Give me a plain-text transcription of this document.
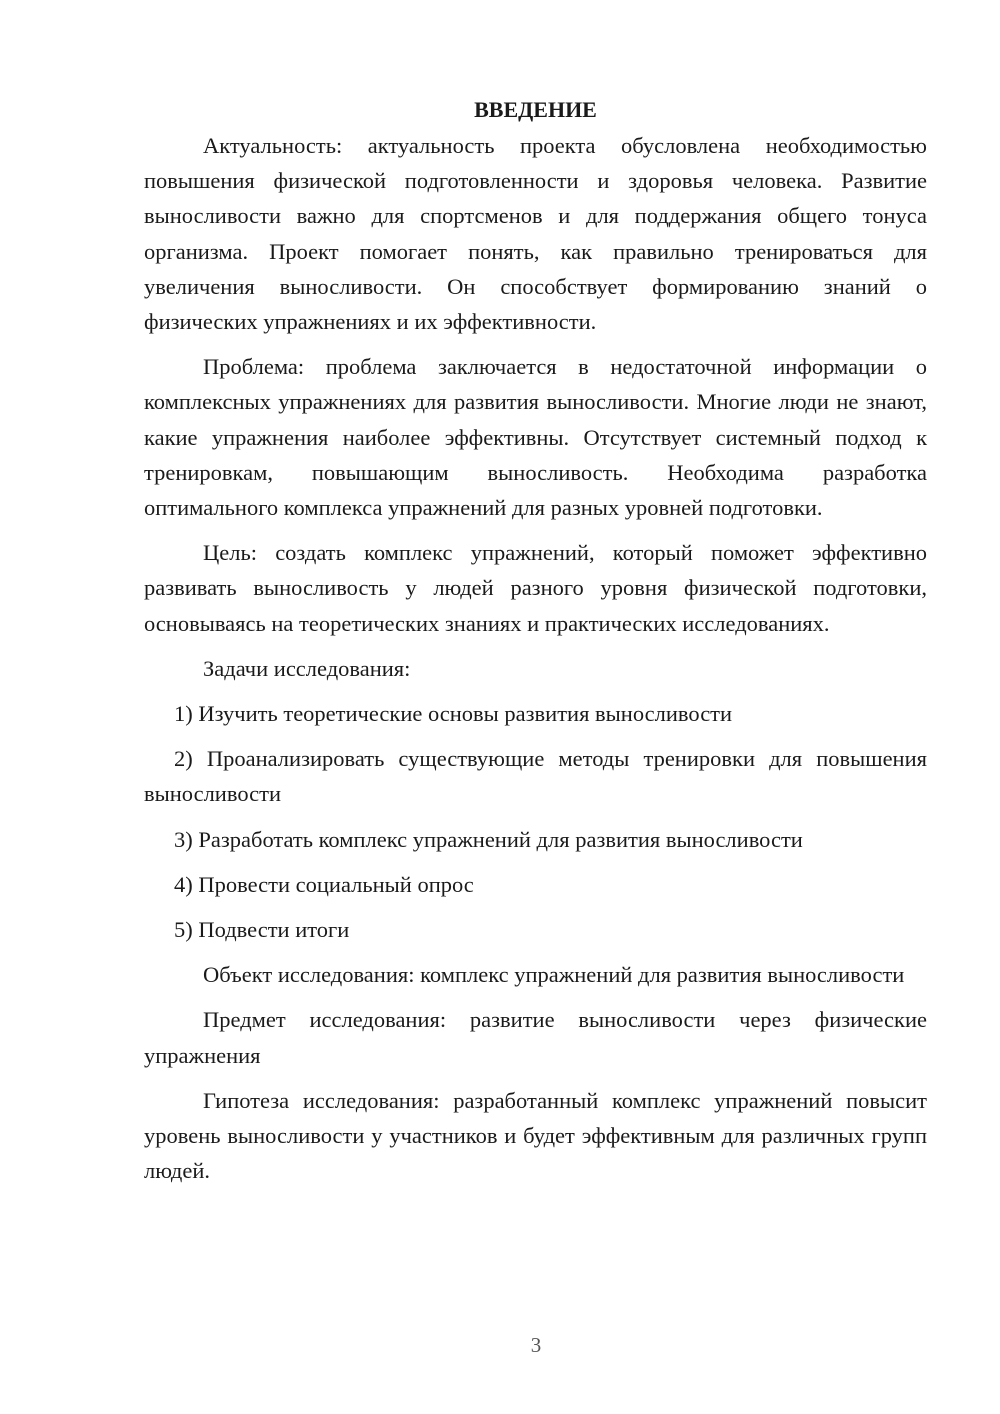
ВВЕДЕНИЕ

Актуальность: актуальность проекта обусловлена необходимостью повышения физической подготовленности и здоровья человека. Развитие выносливости важно для спортсменов и для поддержания общего тонуса организма. Проект помогает понять, как правильно тренироваться для увеличения выносливости. Он способствует формированию знаний о физических упражнениях и их эффективности.

Проблема: проблема заключается в недостаточной информации о комплексных упражнениях для развития выносливости. Многие люди не знают, какие упражнения наиболее эффективны. Отсутствует системный подход к тренировкам, повышающим выносливость. Необходима разработка оптимального комплекса упражнений для разных уровней подготовки.

Цель: создать комплекс упражнений, который поможет эффективно развивать выносливость у людей разного уровня физической подготовки, основываясь на теоретических знаниях и практических исследованиях.

Задачи исследования:

1) Изучить теоретические основы развития выносливости

2) Проанализировать существующие методы тренировки для повышения выносливости

3) Разработать комплекс упражнений для развития выносливости

4) Провести социальный опрос

5) Подвести итоги

Объект исследования: комплекс упражнений для развития выносливости

Предмет исследования: развитие выносливости через физические упражнения

Гипотеза исследования: разработанный комплекс упражнений повысит уровень выносливости у участников и будет эффективным для различных групп людей.

3
